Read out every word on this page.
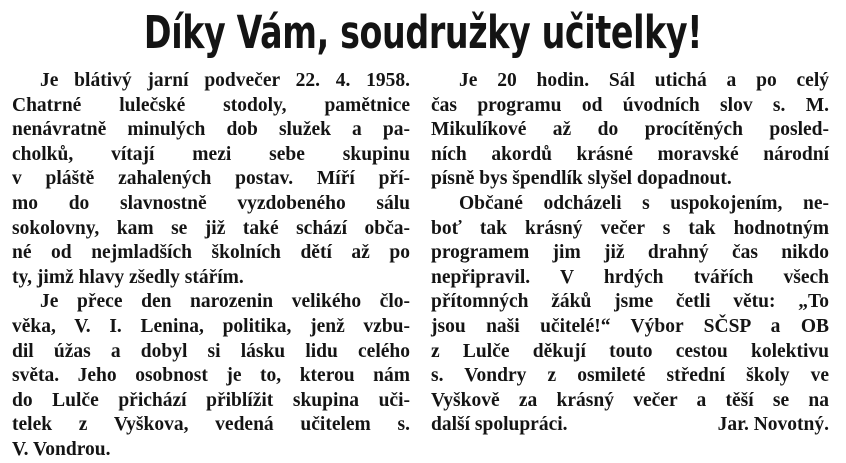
Díky Vám, soudružky učitelky!
Je blátivý jarní podvečer 22. 4. 1958.
Chatrné lulečské stodoly, pamětnice
nenávratně minulých dob služek a pa-
cholků, vítají mezi sebe skupinu
v pláště zahalených postav. Míří pří-
mo do slavnostně vyzdobeného sálu
sokolovny, kam se již také schází obča-
né od nejmladších školních dětí až po
ty, jimž hlavy zšedly stářím.
Je přece den narozenin velikého člo-
věka, V. I. Lenina, politika, jenž vzbu-
dil úžas a dobyl si lásku lidu celého
světa. Jeho osobnost je to, kterou nám
do Lulče přichází přiblížit skupina uči-
telek z Vyškova, vedená učitelem s.
V. Vondrou.
Je 20 hodin. Sál utichá a po celý
čas programu od úvodních slov s. M.
Mikulíkové až do procítěných posled-
ních akordů krásné moravské národní
písně bys špendlík slyšel dopadnout.
Občané odcházeli s uspokojením, ne-
boť tak krásný večer s tak hodnotným
programem jim již drahný čas nikdo
nepřipravil. V hrdých tvářích všech
přítomných žáků jsme četli větu: „To
jsou naši učitelé!“ Výbor SČSP a OB
z Lulče děkují touto cestou kolektivu
s. Vondry z osmileté střední školy ve
Vyškově za krásný večer a těší se na
další spolupráci.	Jar. Novotný.
